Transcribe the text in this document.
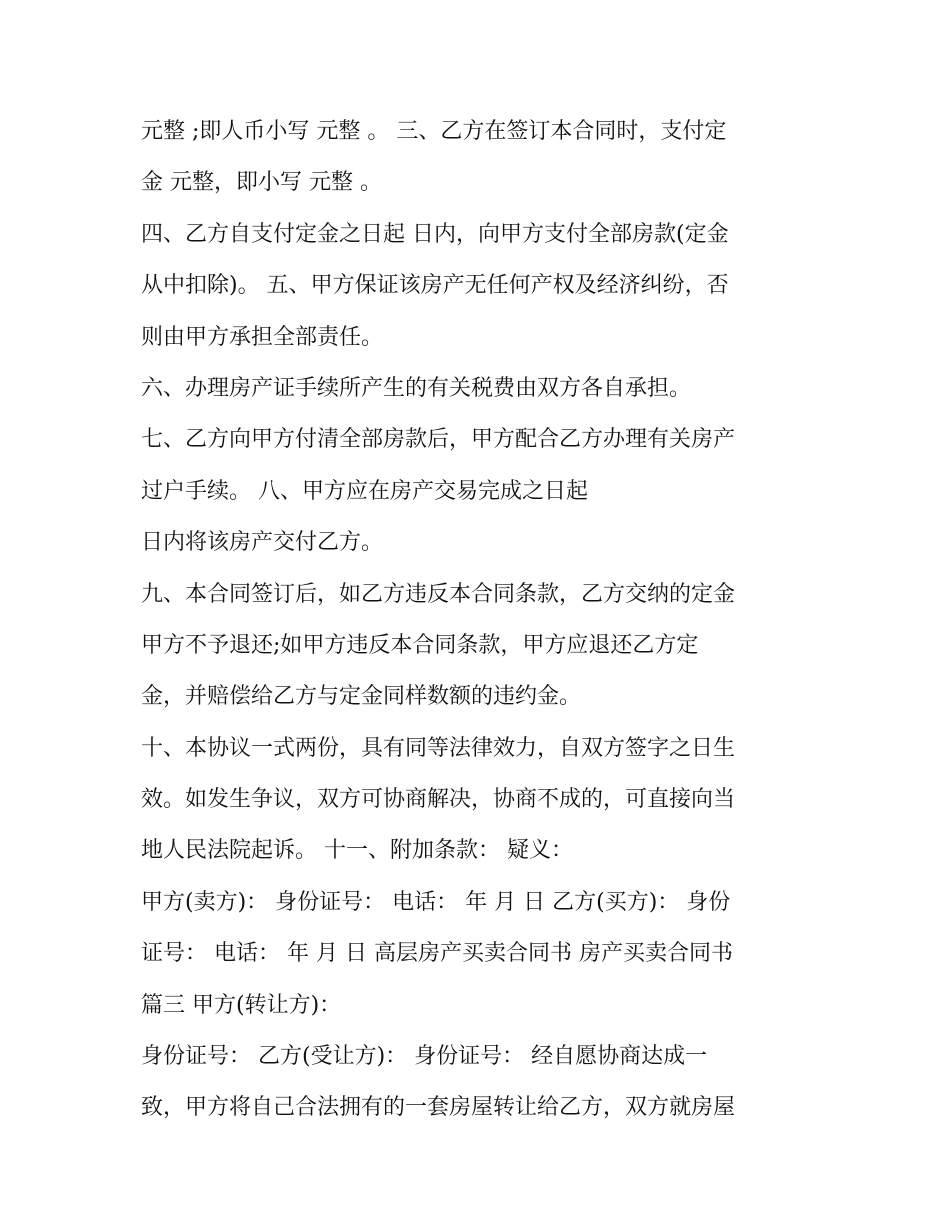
元整 ;即人币小写 元整 。 三、乙方在签订本合同时，支付定
金 元整，即小写 元整 。
四、乙方自支付定金之日起 日内，向甲方支付全部房款(定金
从中扣除)。 五、甲方保证该房产无任何产权及经济纠纷，否
则由甲方承担全部责任。
六、办理房产证手续所产生的有关税费由双方各自承担。
七、乙方向甲方付清全部房款后，甲方配合乙方办理有关房产
过户手续。 八、甲方应在房产交易完成之日起
日内将该房产交付乙方。
九、本合同签订后，如乙方违反本合同条款，乙方交纳的定金
甲方不予退还;如甲方违反本合同条款，甲方应退还乙方定
金，并赔偿给乙方与定金同样数额的违约金。
十、本协议一式两份，具有同等法律效力，自双方签字之日生
效。如发生争议，双方可协商解决，协商不成的，可直接向当
地人民法院起诉。 十一、附加条款： 疑义：
甲方(卖方)： 身份证号： 电话： 年 月 日 乙方(买方)： 身份
证号： 电话： 年 月 日 高层房产买卖合同书 房产买卖合同书
篇三 甲方(转让方)：
身份证号： 乙方(受让方)： 身份证号： 经自愿协商达成一
致，甲方将自己合法拥有的一套房屋转让给乙方，双方就房屋
